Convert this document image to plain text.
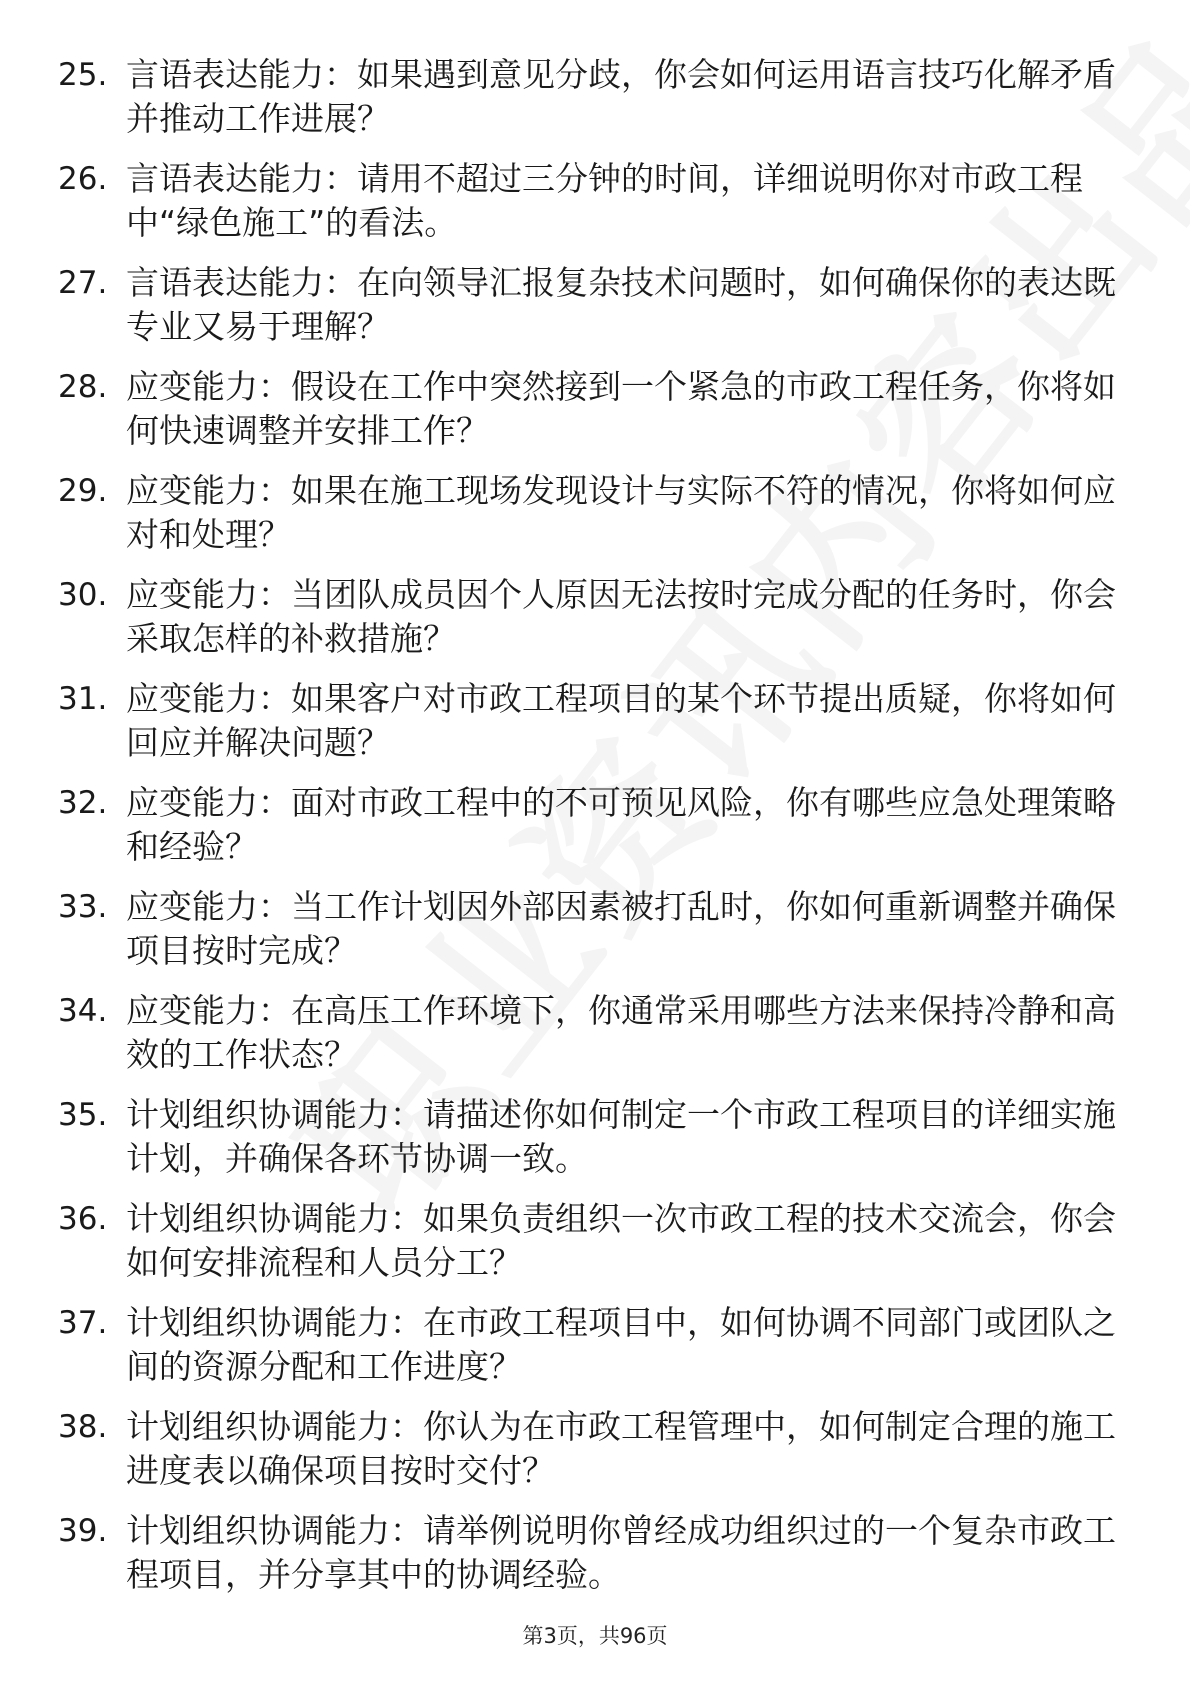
25. 言语表达能力：如果遇到意见分歧，你会如何运用语言技巧化解矛盾并推动工作进展？
26. 言语表达能力：请用不超过三分钟的时间，详细说明你对市政工程中“绿色施工”的看法。
27. 言语表达能力：在向领导汇报复杂技术问题时，如何确保你的表达既专业又易于理解？
28. 应变能力：假设在工作中突然接到一个紧急的市政工程任务，你将如何快速调整并安排工作？
29. 应变能力：如果在施工现场发现设计与实际不符的情况，你将如何应对和处理？
30. 应变能力：当团队成员因个人原因无法按时完成分配的任务时，你会采取怎样的补救措施？
31. 应变能力：如果客户对市政工程项目的某个环节提出质疑，你将如何回应并解决问题？
32. 应变能力：面对市政工程中的不可预见风险，你有哪些应急处理策略和经验？
33. 应变能力：当工作计划因外部因素被打乱时，你如何重新调整并确保项目按时完成？
34. 应变能力：在高压工作环境下，你通常采用哪些方法来保持冷静和高效的工作状态？
35. 计划组织协调能力：请描述你如何制定一个市政工程项目的详细实施计划，并确保各环节协调一致。
36. 计划组织协调能力：如果负责组织一次市政工程的技术交流会，你会如何安排流程和人员分工？
37. 计划组织协调能力：在市政工程项目中，如何协调不同部门或团队之间的资源分配和工作进度？
38. 计划组织协调能力：你认为在市政工程管理中，如何制定合理的施工进度表以确保项目按时交付？
39. 计划组织协调能力：请举例说明你曾经成功组织过的一个复杂市政工程项目，并分享其中的协调经验。
第3页，共96页
